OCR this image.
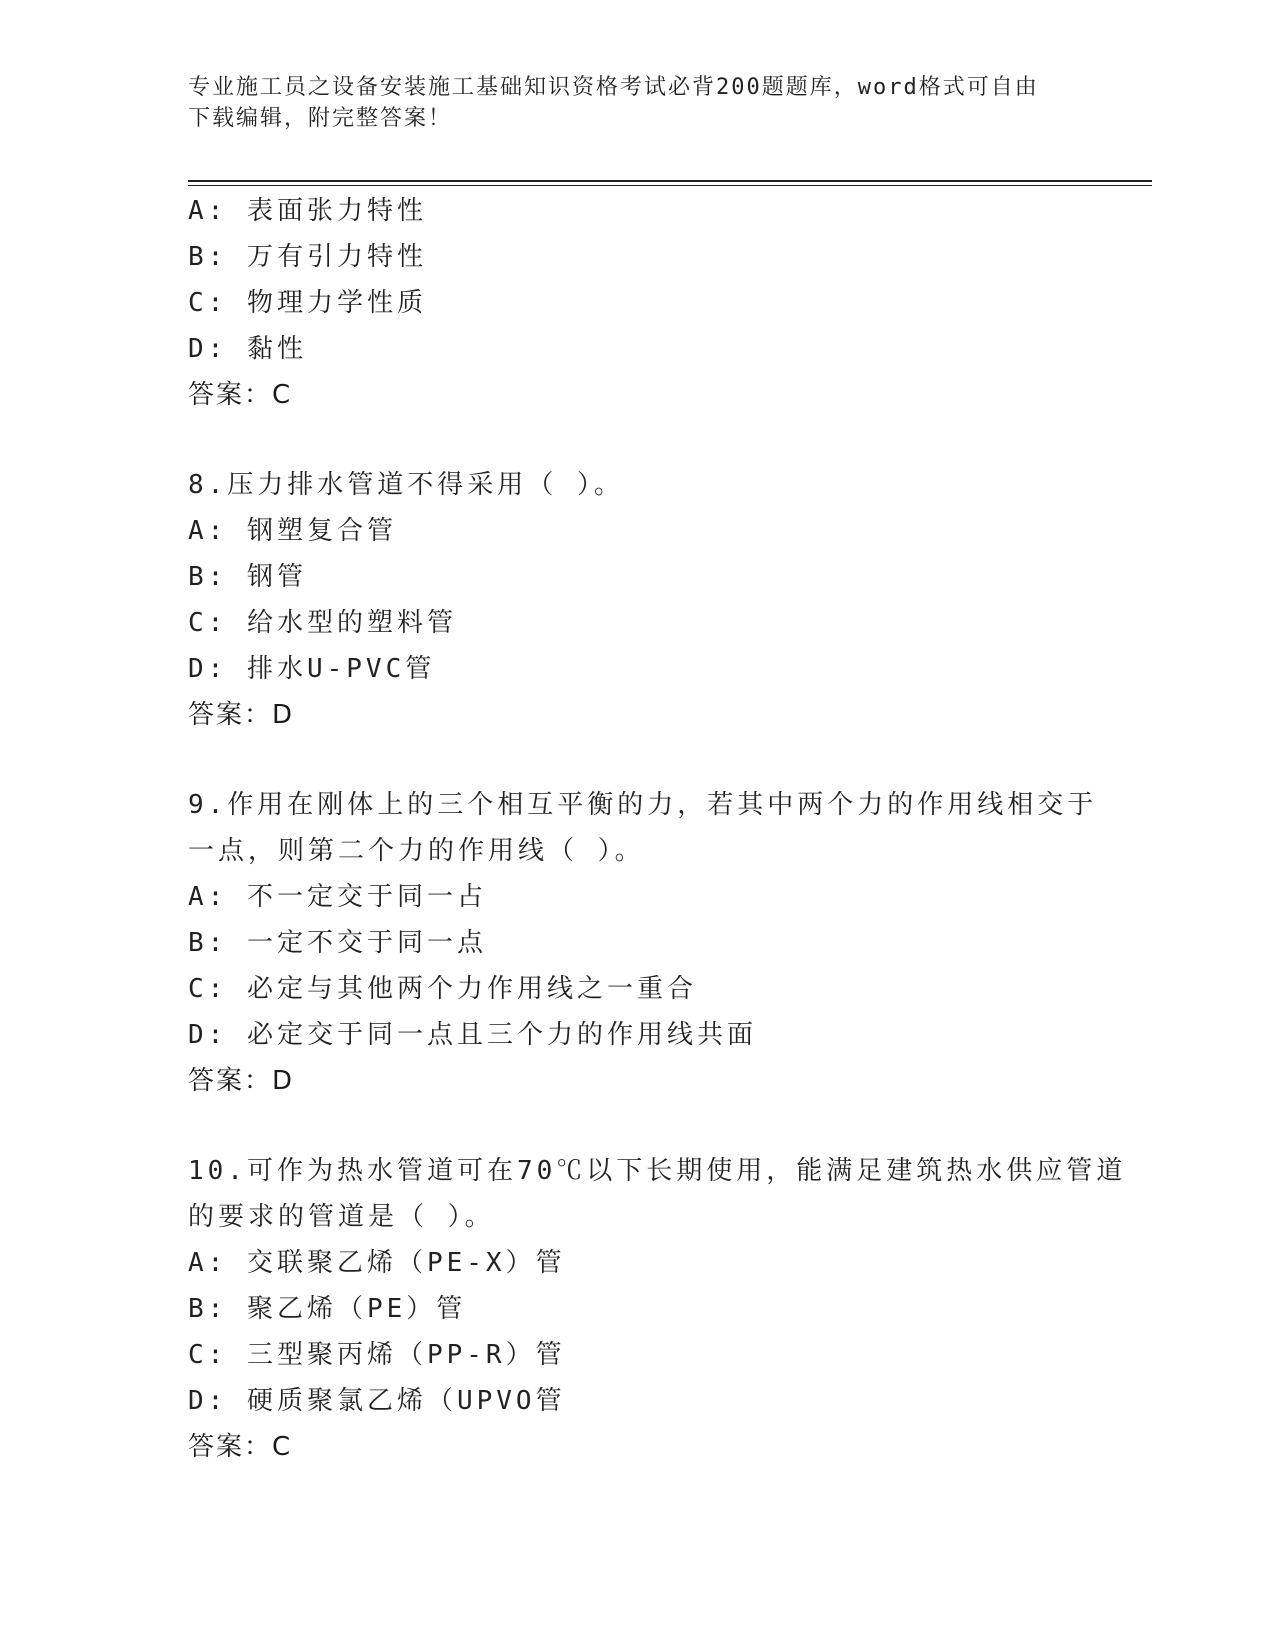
专业施工员之设备安装施工基础知识资格考试必背200题题库，word格式可自由
下载编辑，附完整答案！
A: 表面张力特性
B: 万有引力特性
C: 物理力学性质
D: 黏性
答案：C
8.压力排水管道不得采用（ ）。
A: 钢塑复合管
B: 钢管
C: 给水型的塑料管
D: 排水U-PVC管
答案：D
9.作用在刚体上的三个相互平衡的力，若其中两个力的作用线相交于
一点，则第二个力的作用线（ ）。
A: 不一定交于同一占
B: 一定不交于同一点
C: 必定与其他两个力作用线之一重合
D: 必定交于同一点且三个力的作用线共面
答案：D
10.可作为热水管道可在70℃以下长期使用，能满足建筑热水供应管道
的要求的管道是（ ）。
A: 交联聚乙烯（PE-X）管
B: 聚乙烯（PE）管
C: 三型聚丙烯（PP-R）管
D: 硬质聚氯乙烯（UPVO管
答案：C
